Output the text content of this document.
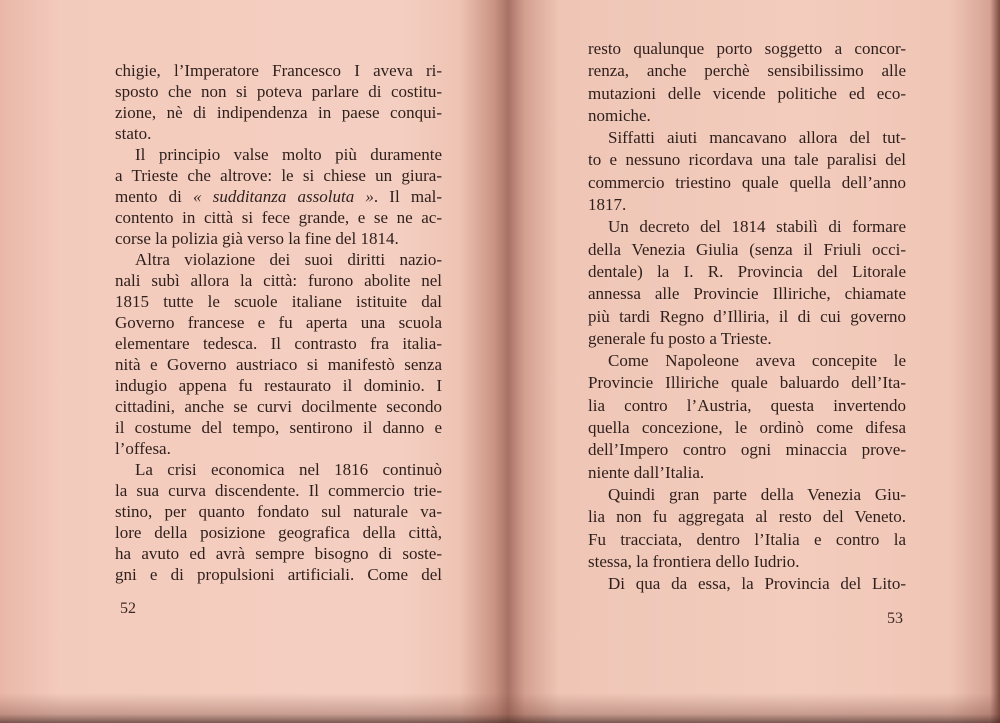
chigie, l’Imperatore Francesco I aveva ri-
sposto che non si poteva parlare di costitu-
zione, nè di indipendenza in paese conqui-
stato.
Il principio valse molto più duramente
a Trieste che altrove: le si chiese un giura-
mento di « sudditanza assoluta ». Il mal-
contento in città si fece grande, e se ne ac-
corse la polizia già verso la fine del 1814.
Altra violazione dei suoi diritti nazio-
nali subì allora la città: furono abolite nel
1815 tutte le scuole italiane istituite dal
Governo francese e fu aperta una scuola
elementare tedesca. Il contrasto fra italia-
nità e Governo austriaco si manifestò senza
indugio appena fu restaurato il dominio. I
cittadini, anche se curvi docilmente secondo
il costume del tempo, sentirono il danno e
l’offesa.
La crisi economica nel 1816 continuò
la sua curva discendente. Il commercio trie-
stino, per quanto fondato sul naturale va-
lore della posizione geografica della città,
ha avuto ed avrà sempre bisogno di soste-
gni e di propulsioni artificiali. Come del
resto qualunque porto soggetto a concor-
renza, anche perchè sensibilissimo alle
mutazioni delle vicende politiche ed eco-
nomiche.
Siffatti aiuti mancavano allora del tut-
to e nessuno ricordava una tale paralisi del
commercio triestino quale quella dell’anno
1817.
Un decreto del 1814 stabilì di formare
della Venezia Giulia (senza il Friuli occi-
dentale) la I. R. Provincia del Litorale
annessa alle Provincie Illiriche, chiamate
più tardi Regno d’Illiria, il di cui governo
generale fu posto a Trieste.
Come Napoleone aveva concepite le
Provincie Illiriche quale baluardo dell’Ita-
lia contro l’Austria, questa invertendo
quella concezione, le ordinò come difesa
dell’Impero contro ogni minaccia prove-
niente dall’Italia.
Quindi gran parte della Venezia Giu-
lia non fu aggregata al resto del Veneto.
Fu tracciata, dentro l’Italia e contro la
stessa, la frontiera dello Iudrio.
Di qua da essa, la Provincia del Lito-
52
53
